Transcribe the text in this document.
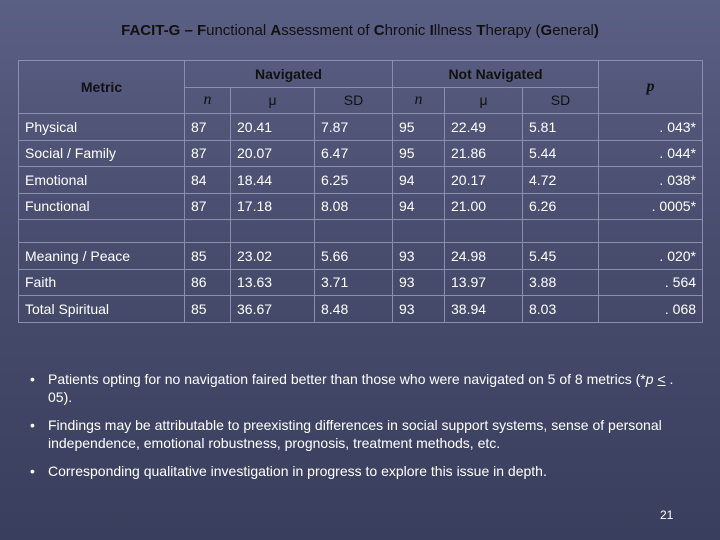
FACIT-G – Functional Assessment of Chronic Illness Therapy (General)
Metric	Navigated			Not Navigated			p
	n	μ	SD	n	μ	SD	
Physical	87	20.41	7.87	95	22.49	5.81	. 043*
Social / Family	87	20.07	6.47	95	21.86	5.44	. 044*
Emotional	84	18.44	6.25	94	20.17	4.72	. 038*
Functional	87	17.18	8.08	94	21.00	6.26	. 0005*

Meaning / Peace	85	23.02	5.66	93	24.98	5.45	. 020*
Faith	86	13.63	3.71	93	13.97	3.88	. 564
Total Spiritual	85	36.67	8.48	93	38.94	8.03	. 068
• Patients opting for no navigation faired better than those who were navigated on 5 of 8 metrics (*p < . 05).
• Findings may be attributable to preexisting differences in social support systems, sense of personal independence, emotional robustness, prognosis, treatment methods, etc.
• Corresponding qualitative investigation in progress to explore this issue in depth.
21
